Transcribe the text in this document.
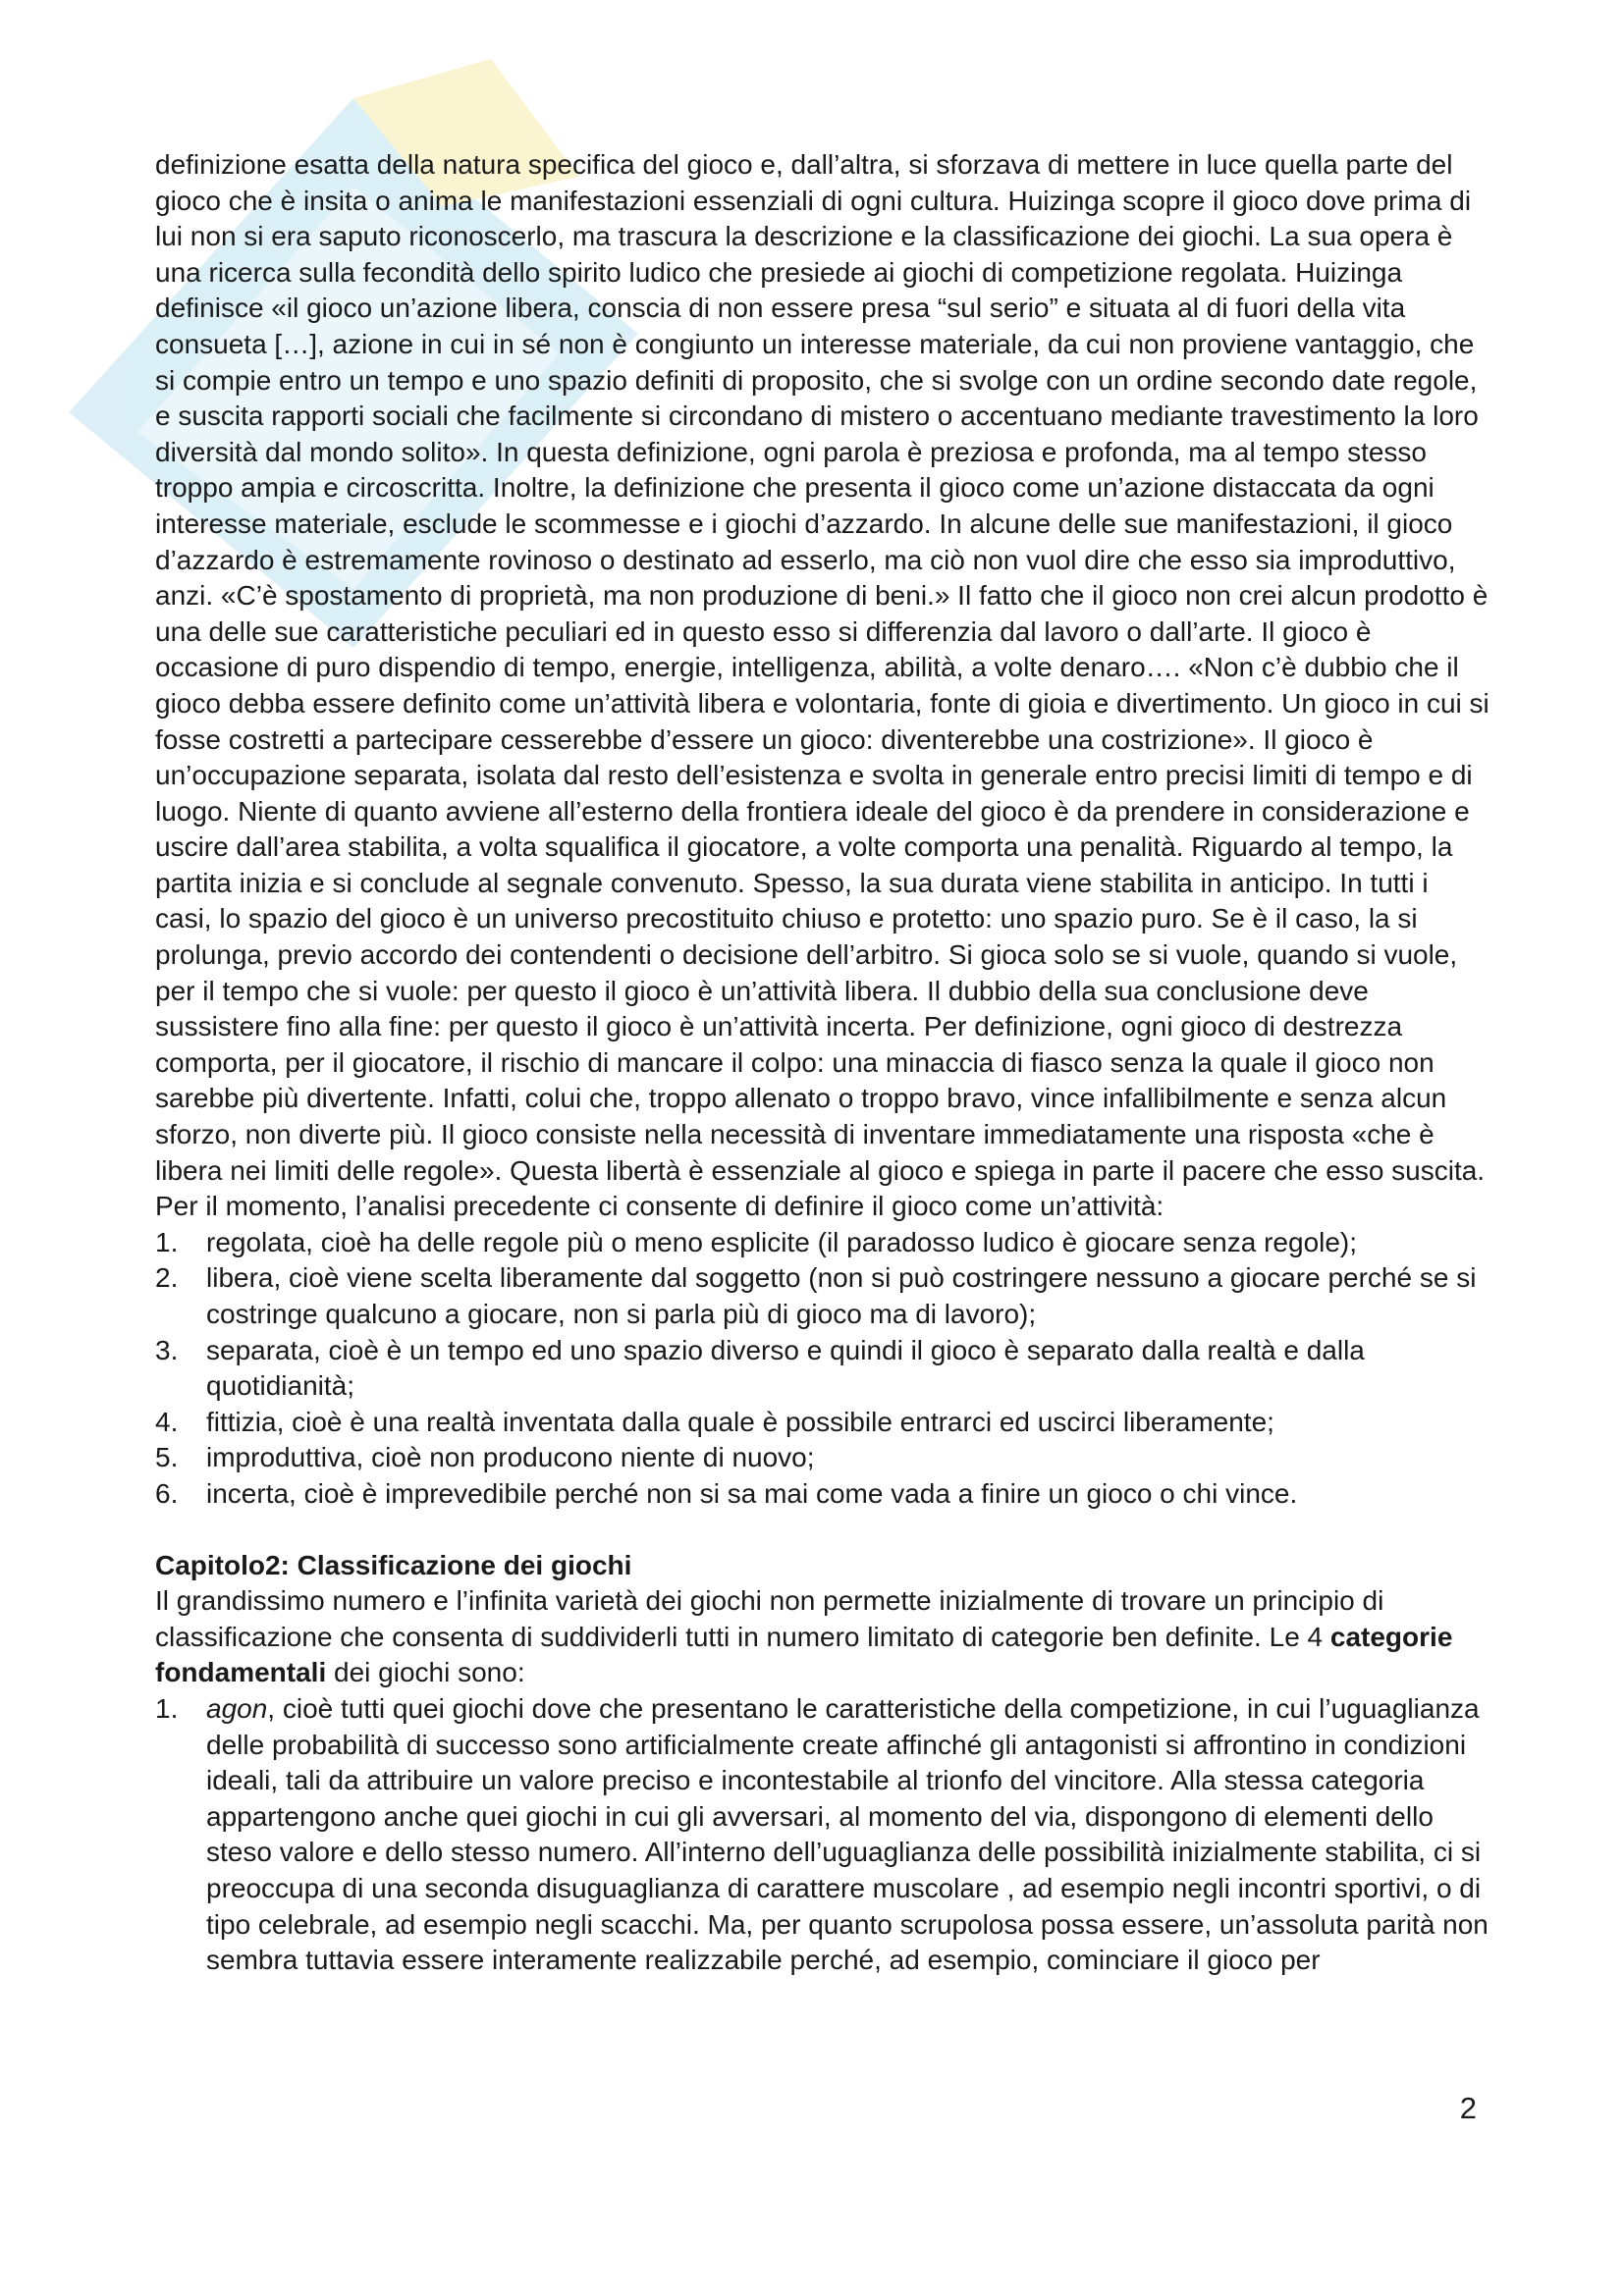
definizione esatta della natura specifica del gioco e, dall’altra, si sforzava di mettere in luce quella parte del gioco che è insita o anima le manifestazioni essenziali di ogni cultura. Huizinga scopre il gioco dove prima di lui non si era saputo riconoscerlo, ma trascura la descrizione e la classificazione dei giochi. La sua opera è una ricerca sulla fecondità dello spirito ludico che presiede ai giochi di competizione regolata. Huizinga definisce «il gioco un’azione libera, conscia di non essere presa “sul serio” e situata al di fuori della vita consueta […], azione in cui in sé non è congiunto un interesse materiale, da cui non proviene vantaggio, che si compie entro un tempo e uno spazio definiti di proposito, che si svolge con un ordine secondo date regole, e suscita rapporti sociali che facilmente si circondano di mistero o accentuano mediante travestimento la loro diversità dal mondo solito». In questa definizione, ogni parola è preziosa e profonda, ma al tempo stesso troppo ampia e circoscritta. Inoltre, la definizione che presenta il gioco come un’azione distaccata da ogni interesse materiale, esclude le scommesse e i giochi d’azzardo. In alcune delle sue manifestazioni, il gioco d’azzardo è estremamente rovinoso o destinato ad esserlo, ma ciò non vuol dire che esso sia improduttivo, anzi. «C’è spostamento di proprietà, ma non produzione di beni.» Il fatto che il gioco non crei alcun prodotto è una delle sue caratteristiche peculiari ed in questo esso si differenzia dal lavoro o dall’arte. Il gioco è occasione di puro dispendio di tempo, energie, intelligenza, abilità, a volte denaro…. «Non c’è dubbio che il gioco debba essere definito come un’attività libera e volontaria, fonte di gioia e divertimento. Un gioco in cui si fosse costretti a partecipare cesserebbe d’essere un gioco: diventerebbe una costrizione». Il gioco è un’occupazione separata, isolata dal resto dell’esistenza e svolta in generale entro precisi limiti di tempo e di luogo. Niente di quanto avviene all’esterno della frontiera ideale del gioco è da prendere in considerazione e uscire dall’area stabilita, a volta squalifica il giocatore, a volte comporta una penalità. Riguardo al tempo, la partita inizia e si conclude al segnale convenuto. Spesso, la sua durata viene stabilita in anticipo. In tutti i casi, lo spazio del gioco è un universo precostituito chiuso e protetto: uno spazio puro. Se è il caso, la si prolunga, previo accordo dei contendenti o decisione dell’arbitro. Si gioca solo se si vuole, quando si vuole, per il tempo che si vuole: per questo il gioco è un’attività libera. Il dubbio della sua conclusione deve sussistere fino alla fine: per questo il gioco è un’attività incerta. Per definizione, ogni gioco di destrezza comporta, per il giocatore, il rischio di mancare il colpo: una minaccia di fiasco senza la quale il gioco non sarebbe più divertente. Infatti, colui che, troppo allenato o troppo bravo, vince infallibilmente e senza alcun sforzo, non diverte più. Il gioco consiste nella necessità di inventare immediatamente una risposta «che è libera nei limiti delle regole». Questa libertà è essenziale al gioco e spiega in parte il pacere che esso suscita. Per il momento, l’analisi precedente ci consente di definire il gioco come un’attività:

1. regolata, cioè ha delle regole più o meno esplicite (il paradosso ludico è giocare senza regole);
2. libera, cioè viene scelta liberamente dal soggetto (non si può costringere nessuno a giocare perché se si costringe qualcuno a giocare, non si parla più di gioco ma di lavoro);
3. separata, cioè è un tempo ed uno spazio diverso e quindi il gioco è separato dalla realtà e dalla quotidianità;
4. fittizia, cioè è una realtà inventata dalla quale è possibile entrarci ed uscirci liberamente;
5. improduttiva, cioè non producono niente di nuovo;
6. incerta, cioè è imprevedibile perché non si sa mai come vada a finire un gioco o chi vince.

Capitolo2: Classificazione dei giochi

Il grandissimo numero e l’infinita varietà dei giochi non permette inizialmente di trovare un principio di classificazione che consenta di suddividerli tutti in numero limitato di categorie ben definite. Le 4 categorie fondamentali dei giochi sono:

1. agon, cioè tutti quei giochi dove che presentano le caratteristiche della competizione, in cui l’uguaglianza delle probabilità di successo sono artificialmente create affinché gli antagonisti si affrontino in condizioni ideali, tali da attribuire un valore preciso e incontestabile al trionfo del vincitore. Alla stessa categoria appartengono anche quei giochi in cui gli avversari, al momento del via, dispongono di elementi dello steso valore e dello stesso numero. All’interno dell’uguaglianza delle possibilità inizialmente stabilita, ci si preoccupa di una seconda disuguaglianza di carattere muscolare , ad esempio negli incontri sportivi, o di tipo celebrale, ad esempio negli scacchi. Ma, per quanto scrupolosa possa essere, un’assoluta parità non sembra tuttavia essere interamente realizzabile perché, ad esempio, cominciare il gioco per
2
